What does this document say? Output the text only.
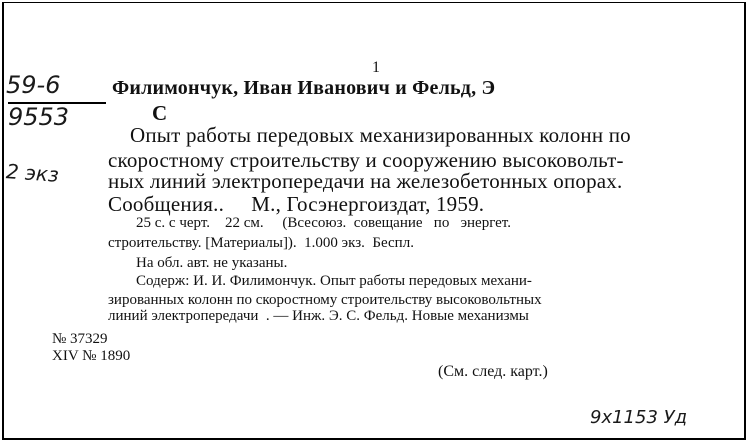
1
59-6
9553
2 экз
Филимончук, Иван Иванович и Фельд, Э
С
Опыт работы передовых механизированных колонн по
скоростному строительству и сооружению высоковольт-
ных линий электропередачи на железобетонных опорах.
Сообщения..     М., Госэнергоиздат, 1959.
25 с. с черт.    22 см.     (Всесоюз.  совещание   по   энергет.
строительству. [Материалы]).  1.000 экз.  Беспл.
На обл. авт. не указаны.
Содерж: И. И. Филимончук. Опыт работы передовых механи-
зированных колонн по скоростному строительству высоковольтных
линий электропередачи  . — Инж. Э. С. Фельд. Новые механизмы
№ 37329
XIV № 1890
(См. след. карт.)
9х1153 Уд
